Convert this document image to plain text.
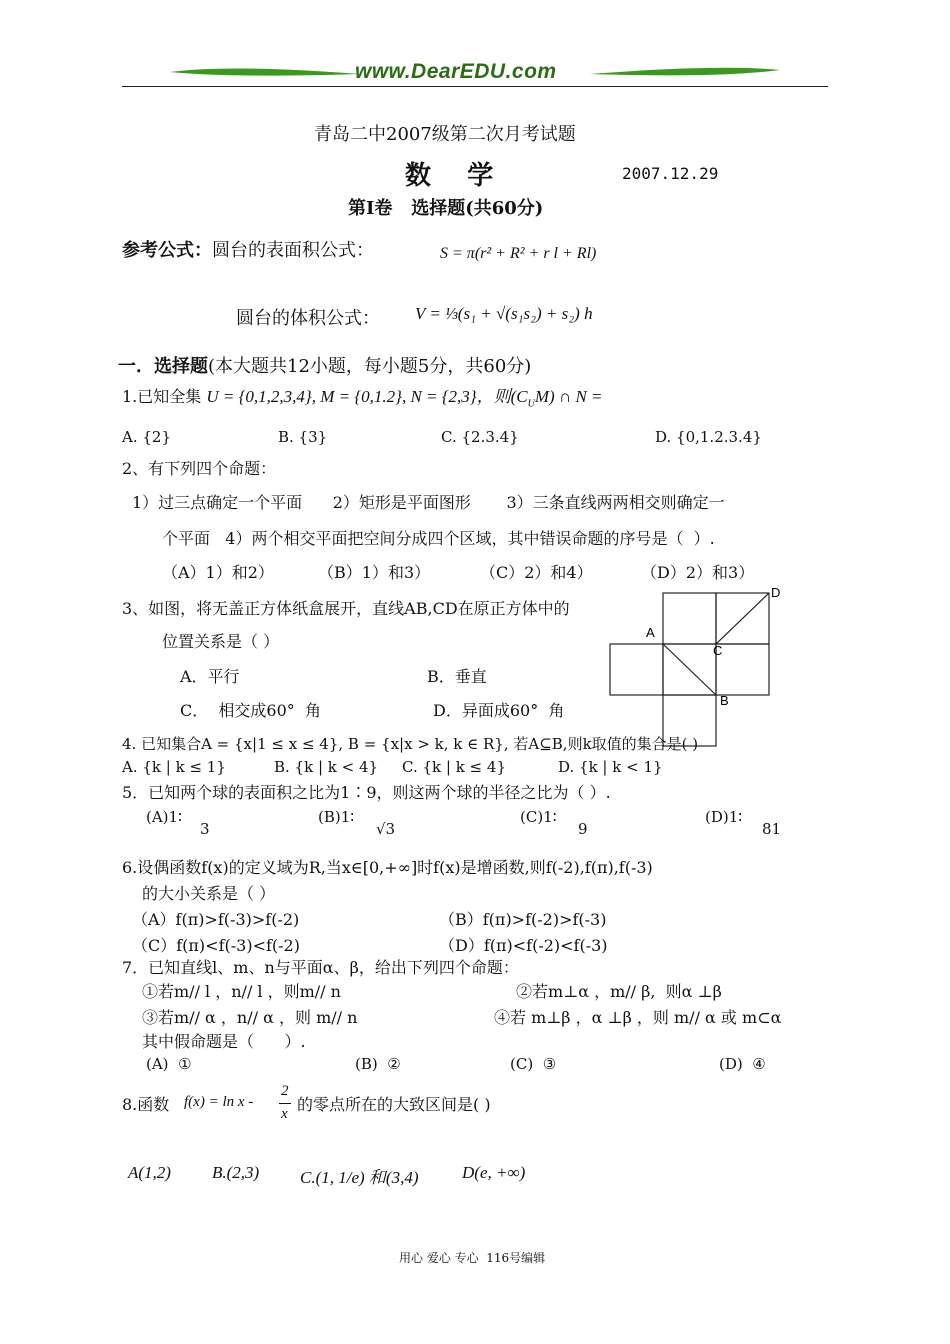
www.DearEDU.com
青岛二中2007级第二次月考试题
数    学	2007.12.29
第Ⅰ卷   选择题(共60分)
参考公式：圆台的表面积公式：	S = π(r² + R² + r l + Rl)
圆台的体积公式： V = ⅓(s₁ + √(s₁s₂) + s₂) h
一．选择题(本大题共12小题，每小题5分，共60分)
1.已知全集 U = {0,1,2,3,4}, M = {0,1.2}, N = {2,3}，则$(C_UM)$ ∩ N =
A. {2}	B. {3}	C. {2.3.4}	D. {0,1.2.3.4}
2、有下列四个命题：
1）过三点确定一个平面      2）矩形是平面图形       3）三条直线两两相交则确定一
个平面   4）两个相交平面把空间分成四个区域，其中错误命题的序号是（  ）.
（A）1）和2）	（B）1）和3）	（C）2）和4）	（D）2）和3）
3、如图，将无盖正方体纸盒展开，直线AB,CD在原正方体中的
位置关系是（ ）
A．平行	B．垂直
C．  相交成60°  角	D．异面成60°  角
D
A
C
B
4. 已知集合A = {x|1 ≤ x ≤ 4}, B = {x|x > k, k ∈ R}, 若A⊆B,则k取值的集合是( )
A. {k | k ≤ 1}	B. {k | k < 4} C. {k | k ≤ 4}	D. {k | k < 1}
5．已知两个球的表面积之比为1∶9，则这两个球的半径之比为（ ）.
(A)1∶
3
(B)1∶
√3
(C)1∶
9
(D)1∶
81
6.设偶函数f(x)的定义域为R,当x∈[0,+∞]时f(x)是增函数,则f(-2),f(π),f(-3)
的大小关系是（ ）
（A）f(π)>f(-3)>f(-2)	（B）f(π)>f(-2)>f(-3)
（C）f(π)<f(-3)<f(-2)	（D）f(π)<f(-2)<f(-3)
7．已知直线l、m、n与平面α、β，给出下列四个命题：
①若m// l ，n// l ，则m// n	②若m⊥α ，m// β,  则α ⊥β
③若m// α ，n// α ，则 m// n	④若 m⊥β ，α ⊥β ，则 m// α 或 m⊂α
其中假命题是（      ）.
(A)  ①	(B)  ②	(C)  ③	(D)  ④
8.函数 f(x) = ln x -
2
x 的零点所在的大致区间是( )
A(1,2) B.(2,3) C.(1, 1/e) 和(3,4)	D(e, +∞)
用心 爱心 专心  116号编辑
